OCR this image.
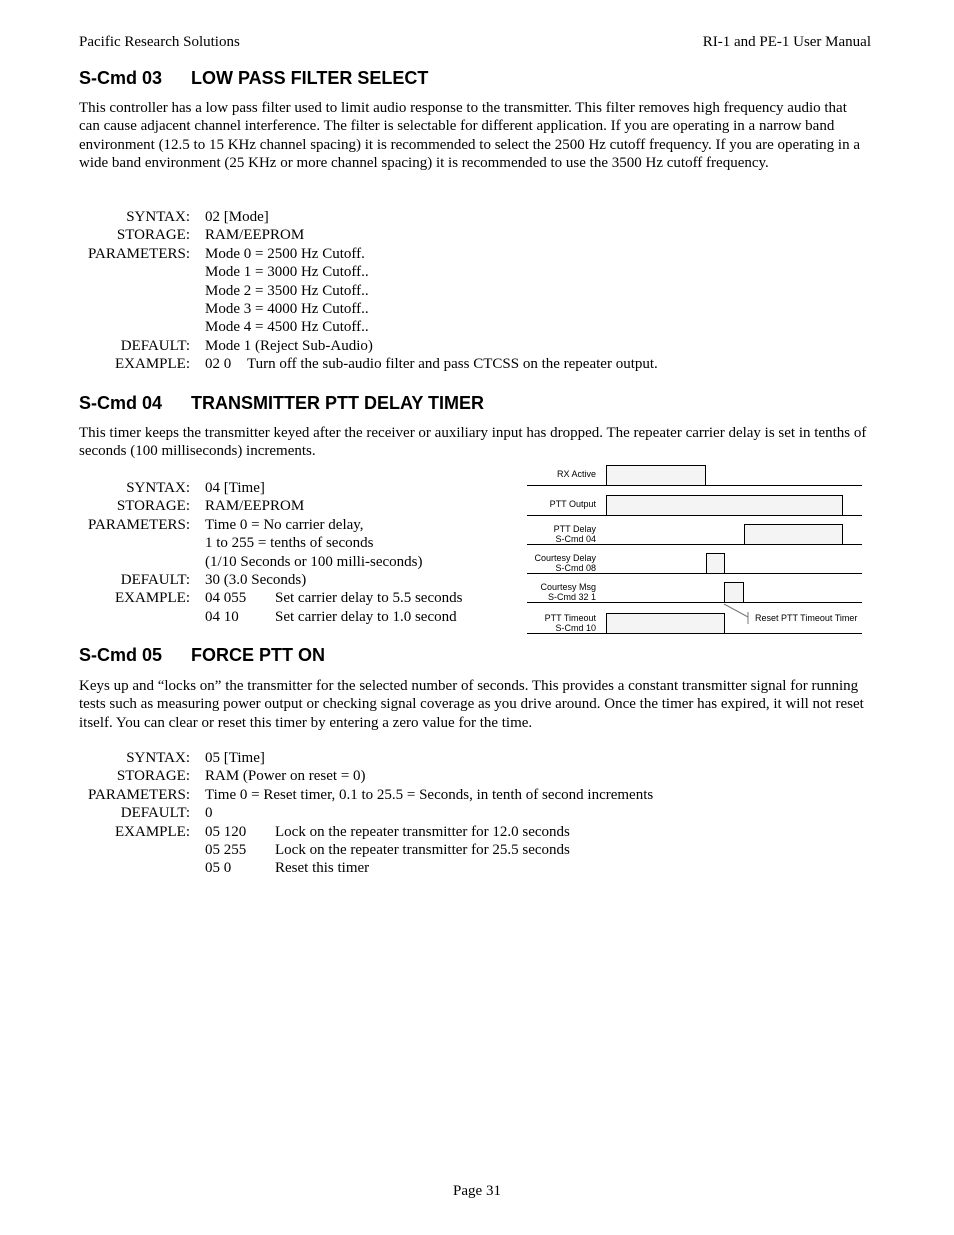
Pacific Research Solutions	RI-1 and PE-1 User Manual
S-Cmd 03 LOW PASS FILTER SELECT
This controller has a low pass filter used to limit audio response to the transmitter. This filter removes high frequency audio that can cause adjacent channel interference. The filter is selectable for different application. If you are operating in a narrow band environment (12.5 to 15 KHz channel spacing) it is recommended to select the 2500 Hz cutoff frequency. If you are operating in a wide band environment (25 KHz or more channel spacing) it is recommended to use the 3500 Hz cutoff frequency.
SYNTAX: 02 [Mode]
STORAGE: RAM/EEPROM
PARAMETERS: Mode 0 = 2500 Hz Cutoff.
Mode 1 = 3000 Hz Cutoff..
Mode 2 = 3500 Hz Cutoff..
Mode 3 = 4000 Hz Cutoff..
Mode 4 = 4500 Hz Cutoff..
DEFAULT: Mode 1 (Reject Sub-Audio)
EXAMPLE: 02 0 Turn off the sub-audio filter and pass CTCSS on the repeater output.
S-Cmd 04 TRANSMITTER PTT DELAY TIMER
This timer keeps the transmitter keyed after the receiver or auxiliary input has dropped. The repeater carrier delay is set in tenths of seconds (100 milliseconds) increments.
SYNTAX: 04 [Time]
STORAGE: RAM/EEPROM
PARAMETERS: Time 0 = No carrier delay,
1 to 255 = tenths of seconds
(1/10 Seconds or 100 milli-seconds)
DEFAULT: 30 (3.0 Seconds)
EXAMPLE: 04 055 Set carrier delay to 5.5 seconds
04 10 Set carrier delay to 1.0 second
RX Active
PTT Output
PTT Delay
S-Cmd 04
Courtesy Delay
S-Cmd 08
Courtesy Msg
S-Cmd 32 1
PTT Timeout
S-Cmd 10
Reset PTT Timeout Timer
S-Cmd 05 FORCE PTT ON
Keys up and “locks on” the transmitter for the selected number of seconds. This provides a constant transmitter signal for running tests such as measuring power output or checking signal coverage as you drive around. Once the timer has expired, it will not reset itself. You can clear or reset this timer by entering a zero value for the time.
SYNTAX: 05 [Time]
STORAGE: RAM (Power on reset = 0)
PARAMETERS: Time 0 = Reset timer, 0.1 to 25.5 = Seconds, in tenth of second increments
DEFAULT: 0
EXAMPLE: 05 120 Lock on the repeater transmitter for 12.0 seconds
05 255 Lock on the repeater transmitter for 25.5 seconds
05 0	Reset this timer
Page 31
